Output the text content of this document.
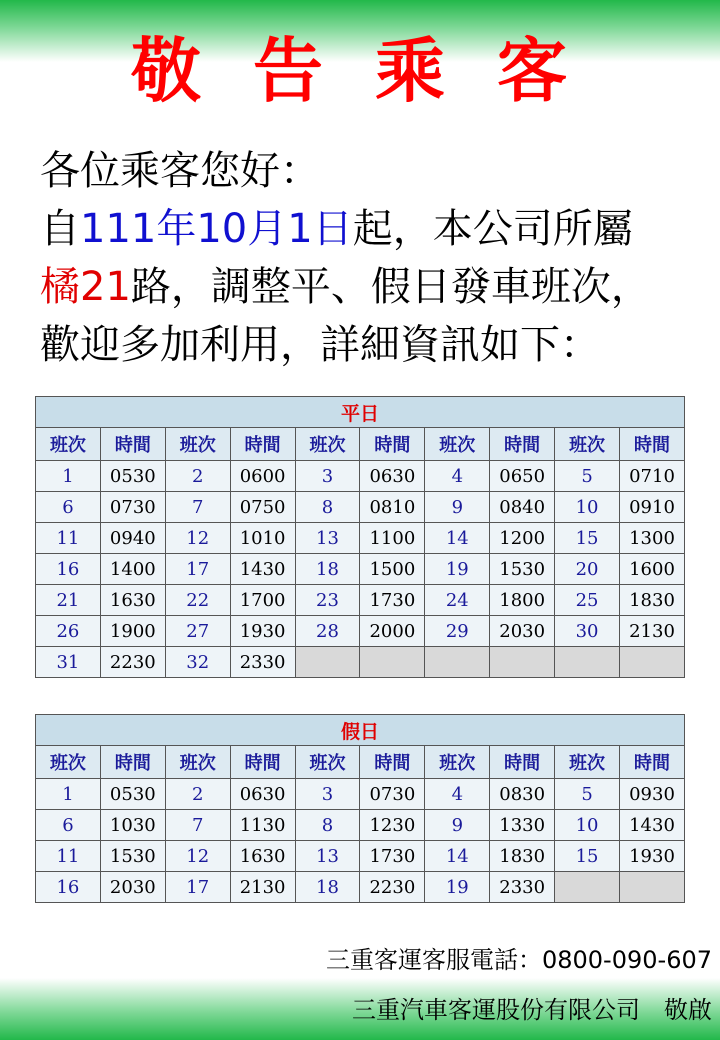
敬告乘客
各位乘客您好：
自111年10月1日起，本公司所屬
橘21路，調整平、假日發車班次，
歡迎多加利用，詳細資訊如下：
平日									
班次	時間	班次	時間	班次	時間	班次	時間	班次	時間
1	0530	2	0600	3	0630	4	0650	5	0710
6	0730	7	0750	8	0810	9	0840	10	0910
11	0940	12	1010	13	1100	14	1200	15	1300
16	1400	17	1430	18	1500	19	1530	20	1600
21	1630	22	1700	23	1730	24	1800	25	1830
26	1900	27	1930	28	2000	29	2030	30	2130
31	2230	32	2330						
假日									
班次	時間	班次	時間	班次	時間	班次	時間	班次	時間
1	0530	2	0630	3	0730	4	0830	5	0930
6	1030	7	1130	8	1230	9	1330	10	1430
11	1530	12	1630	13	1730	14	1830	15	1930
16	2030	17	2130	18	2230	19	2330		
三重客運客服電話：0800-090-607
三重汽車客運股份有限公司　敬啟
